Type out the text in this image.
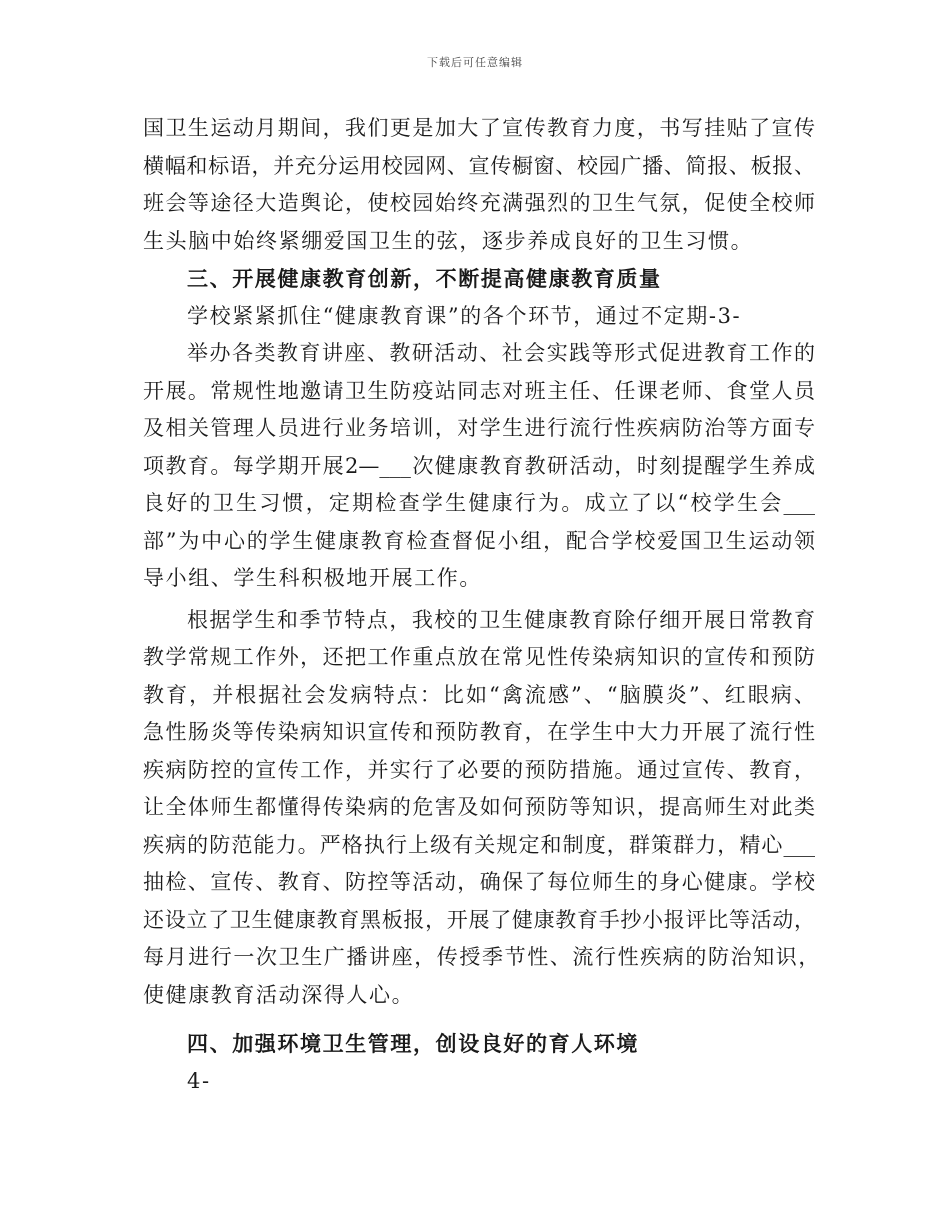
下载后可任意编辑
国卫生运动月期间，我们更是加大了宣传教育力度，书写挂贴了宣传
横幅和标语，并充分运用校园网、宣传橱窗、校园广播、简报、板报、
班会等途径大造舆论，使校园始终充满强烈的卫生气氛，促使全校师
生头脑中始终紧绷爱国卫生的弦，逐步养成良好的卫生习惯。
三、开展健康教育创新，不断提高健康教育质量
学校紧紧抓住“健康教育课”的各个环节，通过不定期-3-
举办各类教育讲座、教研活动、社会实践等形式促进教育工作的
开展。常规性地邀请卫生防疫站同志对班主任、任课老师、食堂人员
及相关管理人员进行业务培训，对学生进行流行性疾病防治等方面专
项教育。每学期开展2—___次健康教育教研活动，时刻提醒学生养成
良好的卫生习惯，定期检查学生健康行为。成立了以“校学生会___
部”为中心的学生健康教育检查督促小组，配合学校爱国卫生运动领
导小组、学生科积极地开展工作。
根据学生和季节特点，我校的卫生健康教育除仔细开展日常教育
教学常规工作外，还把工作重点放在常见性传染病知识的宣传和预防
教育，并根据社会发病特点：比如“禽流感”、“脑膜炎”、红眼病、
急性肠炎等传染病知识宣传和预防教育，在学生中大力开展了流行性
疾病防控的宣传工作，并实行了必要的预防措施。通过宣传、教育，
让全体师生都懂得传染病的危害及如何预防等知识，提高师生对此类
疾病的防范能力。严格执行上级有关规定和制度，群策群力，精心___
抽检、宣传、教育、防控等活动，确保了每位师生的身心健康。学校
还设立了卫生健康教育黑板报，开展了健康教育手抄小报评比等活动，
每月进行一次卫生广播讲座，传授季节性、流行性疾病的防治知识，
使健康教育活动深得人心。
四、加强环境卫生管理，创设良好的育人环境
4-
